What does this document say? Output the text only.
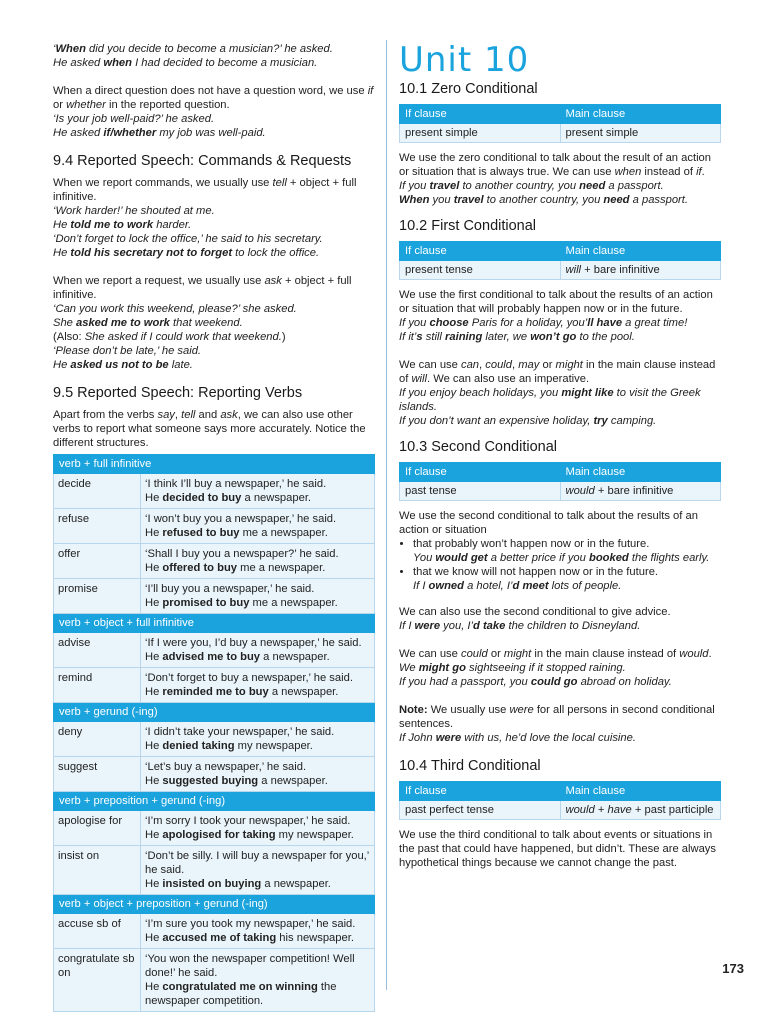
‘When did you decide to become a musician?’ he asked.

He asked when I had decided to become a musician.

When a direct question does not have a question word, we use if or whether in the reported question.

‘Is your job well-paid?’ he asked.

He asked if/whether my job was well-paid.

9.4 Reported Speech: Commands & Requests

When we report commands, we usually use tell + object + full infinitive.

‘Work harder!’ he shouted at me.

He told me to work harder.

‘Don’t forget to lock the office,’ he said to his secretary.

He told his secretary not to forget to lock the office.

When we report a request, we usually use ask + object + full infinitive.

‘Can you work this weekend, please?’ she asked.

She asked me to work that weekend.

(Also: She asked if I could work that weekend.)

‘Please don’t be late,’ he said.

He asked us not to be late.

9.5 Reported Speech: Reporting Verbs

Apart from the verbs say, tell and ask, we can also use other verbs to report what someone says more accurately. Notice the different structures.

verb + full infinitive	
decide	‘I think I’ll buy a newspaper,’ he said.
He decided to buy a newspaper.

refuse	‘I won’t buy you a newspaper,’ he said.
He refused to buy me a newspaper.

offer	‘Shall I buy you a newspaper?’ he said.
He offered to buy me a newspaper.

promise	‘I’ll buy you a newspaper,’ he said.
He promised to buy me a newspaper.

verb + object + full infinitive	
advise	‘If I were you, I’d buy a newspaper,’ he said.
He advised me to buy a newspaper.

remind	‘Don’t forget to buy a newspaper,’ he said.
He reminded me to buy a newspaper.

verb + gerund (-ing)	
deny	‘I didn’t take your newspaper,’ he said.
He denied taking my newspaper.

suggest	‘Let’s buy a newspaper,’ he said.
He suggested buying a newspaper.

verb + preposition + gerund (-ing)	
apologise for	‘I’m sorry I took your newspaper,’ he said.
He apologised for taking my newspaper.

insist on	‘Don’t be silly. I will buy a newspaper for you,’ he said.
He insisted on buying a newspaper.

verb + object + preposition + gerund (-ing)	
accuse sb of	‘I’m sure you took my newspaper,’ he said.
He accused me of taking his newspaper.

congratulate sb on	‘You won the newspaper competition! Well done!’ he said.
He congratulated me on winning the newspaper competition.
Unit 10
10.1 Zero Conditional
If clause	Main clause
present simple	present simple

We use the zero conditional to talk about the result of an action or situation that is always true. We can use when instead of if.

If you travel to another country, you need a passport.

When you travel to another country, you need a passport.

10.2 First Conditional
If clause	Main clause
present tense	will + bare infinitive

We use the first conditional to talk about the results of an action or situation that will probably happen now or in the future.

If you choose Paris for a holiday, you’ll have a great time!

If it’s still raining later, we won’t go to the pool.

We can use can, could, may or might in the main clause instead of will. We can also use an imperative.

If you enjoy beach holidays, you might like to visit the Greek islands.

If you don’t want an expensive holiday, try camping.

10.3 Second Conditional
If clause	Main clause
past tense	would + bare infinitive

We use the second conditional to talk about the results of an action or situation

• that probably won’t happen now or in the future.
You would get a better price if you booked the flights early.
• that we know will not happen now or in the future.
If I owned a hotel, I’d meet lots of people.

We can also use the second conditional to give advice.

If I were you, I’d take the children to Disneyland.

We can use could or might in the main clause instead of would.

We might go sightseeing if it stopped raining.

If you had a passport, you could go abroad on holiday.

Note: We usually use were for all persons in second conditional sentences.

If John were with us, he’d love the local cuisine.

10.4 Third Conditional
If clause	Main clause
past perfect tense	would + have + past participle

We use the third conditional to talk about events or situations in the past that could have happened, but didn’t. These are always hypothetical things because we cannot change the past.

173
